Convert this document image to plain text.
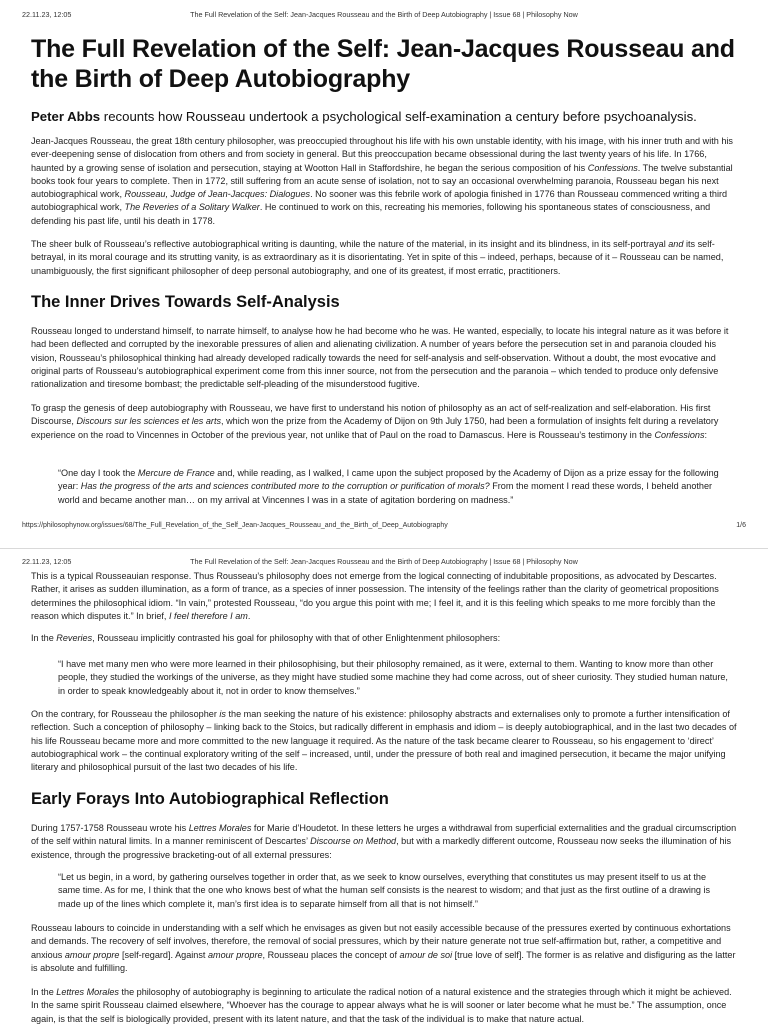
22.11.23, 12:05	The Full Revelation of the Self: Jean-Jacques Rousseau and the Birth of Deep Autobiography | Issue 68 | Philosophy Now
The Full Revelation of the Self: Jean-Jacques Rousseau and the Birth of Deep Autobiography
Peter Abbs recounts how Rousseau undertook a psychological self-examination a century before psychoanalysis.

Jean-Jacques Rousseau, the great 18th century philosopher, was preoccupied throughout his life with his own unstable identity, with his image, with his inner truth and with his ever-deepening sense of dislocation from others and from society in general. But this preoccupation became obsessional during the last twenty years of his life. In 1766, haunted by a growing sense of isolation and persecution, staying at Wootton Hall in Staffordshire, he began the serious composition of his Confessions. The twelve substantial books took four years to complete. Then in 1772, still suffering from an acute sense of isolation, not to say an occasional overwhelming paranoia, Rousseau began his next autobiographical work, Rousseau, Judge of Jean-Jacques: Dialogues. No sooner was this febrile work of apologia finished in 1776 than Rousseau commenced writing a third autobiographical work, The Reveries of a Solitary Walker. He continued to work on this, recreating his memories, following his spontaneous states of consciousness, and defending his past life, until his death in 1778.

The sheer bulk of Rousseau’s reflective autobiographical writing is daunting, while the nature of the material, in its insight and its blindness, in its self-portrayal and its self-betrayal, in its moral courage and its strutting vanity, is as extraordinary as it is disorientating. Yet in spite of this – indeed, perhaps, because of it – Rousseau can be named, unambiguously, the first significant philosopher of deep personal autobiography, and one of its greatest, if most erratic, practitioners.

The Inner Drives Towards Self-Analysis

Rousseau longed to understand himself, to narrate himself, to analyse how he had become who he was. He wanted, especially, to locate his integral nature as it was before it had been deflected and corrupted by the inexorable pressures of alien and alienating civilization. A number of years before the persecution set in and paranoia clouded his vision, Rousseau’s philosophical thinking had already developed radically towards the need for self-analysis and self-observation. Without a doubt, the most evocative and original parts of Rousseau’s autobiographical experiment come from this inner source, not from the persecution and the paranoia – which tended to produce only defensive rationalization and tiresome bombast; the predictable self-pleading of the misunderstood fugitive.

To grasp the genesis of deep autobiography with Rousseau, we have first to understand his notion of philosophy as an act of self-realization and self-elaboration. His first Discourse, Discours sur les sciences et les arts, which won the prize from the Academy of Dijon on 9th July 1750, had been a formulation of insights felt during a revelatory experience on the road to Vincennes in October of the previous year, not unlike that of Paul on the road to Damascus. Here is Rousseau’s testimony in the Confessions:

“One day I took the Mercure de France and, while reading, as I walked, I came upon the subject proposed by the Academy of Dijon as a prize essay for the following year: Has the progress of the arts and sciences contributed more to the corruption or purification of morals? From the moment I read these words, I beheld another world and became another man… on my arrival at Vincennes I was in a state of agitation bordering on madness.”

https://philosophynow.org/issues/68/The_Full_Revelation_of_the_Self_Jean-Jacques_Rousseau_and_the_Birth_of_Deep_Autobiography	1/6
22.11.23, 12:05	The Full Revelation of the Self: Jean-Jacques Rousseau and the Birth of Deep Autobiography | Issue 68 | Philosophy Now

This is a typical Rousseauian response. Thus Rousseau’s philosophy does not emerge from the logical connecting of indubitable propositions, as advocated by Descartes. Rather, it arises as sudden illumination, as a form of trance, as a species of inner possession. The intensity of the feelings rather than the clarity of geometrical propositions determines the philosophical idiom. “In vain,” protested Rousseau, “do you argue this point with me; I feel it, and it is this feeling which speaks to me more forcibly than the reason which disputes it.” In brief, I feel therefore I am.

In the Reveries, Rousseau implicitly contrasted his goal for philosophy with that of other Enlightenment philosophers:

“I have met many men who were more learned in their philosophising, but their philosophy remained, as it were, external to them. Wanting to know more than other people, they studied the workings of the universe, as they might have studied some machine they had come across, out of sheer curiosity. They studied human nature, in order to speak knowledgeably about it, not in order to know themselves.”

On the contrary, for Rousseau the philosopher is the man seeking the nature of his existence: philosophy abstracts and externalises only to promote a further intensification of reflection. Such a conception of philosophy – linking back to the Stoics, but radically different in emphasis and idiom – is deeply autobiographical, and in the last two decades of his life Rousseau became more and more committed to the new language it required. As the nature of the task became clearer to Rousseau, so his engagement to ‘direct’ autobiographical work – the continual exploratory writing of the self – increased, until, under the pressure of both real and imagined persecution, it became the major unifying literary and philosophical pursuit of the last two decades of his life.

Early Forays Into Autobiographical Reflection

During 1757-1758 Rousseau wrote his Lettres Morales for Marie d’Houdetot. In these letters he urges a withdrawal from superficial externalities and the gradual circumscription of the self within natural limits. In a manner reminiscent of Descartes’ Discourse on Method, but with a markedly different outcome, Rousseau now seeks the illumination of his existence, through the progressive bracketing-out of all external pressures:

“Let us begin, in a word, by gathering ourselves together in order that, as we seek to know ourselves, everything that constitutes us may present itself to us at the same time. As for me, I think that the one who knows best of what the human self consists is the nearest to wisdom; and that just as the first outline of a drawing is made up of the lines which complete it, man’s first idea is to separate himself from all that is not himself.”

Rousseau labours to coincide in understanding with a self which he envisages as given but not easily accessible because of the pressures exerted by continuous exhortations and demands. The recovery of self involves, therefore, the removal of social pressures, which by their nature generate not true self-affirmation but, rather, a competitive and anxious amour propre [self-regard]. Against amour propre, Rousseau places the concept of amour de soi [true love of self]. The former is as relative and disfiguring as the latter is absolute and fulfilling.

In the Lettres Morales the philosophy of autobiography is beginning to articulate the radical notion of a natural existence and the strategies through which it might be achieved. In the same spirit Rousseau claimed elsewhere, “Whoever has the courage to appear always what he is will sooner or later become what he must be.” The assumption, once again, is that the self is biologically provided, present with its latent nature, and that the task of the individual is to make that nature actual.
